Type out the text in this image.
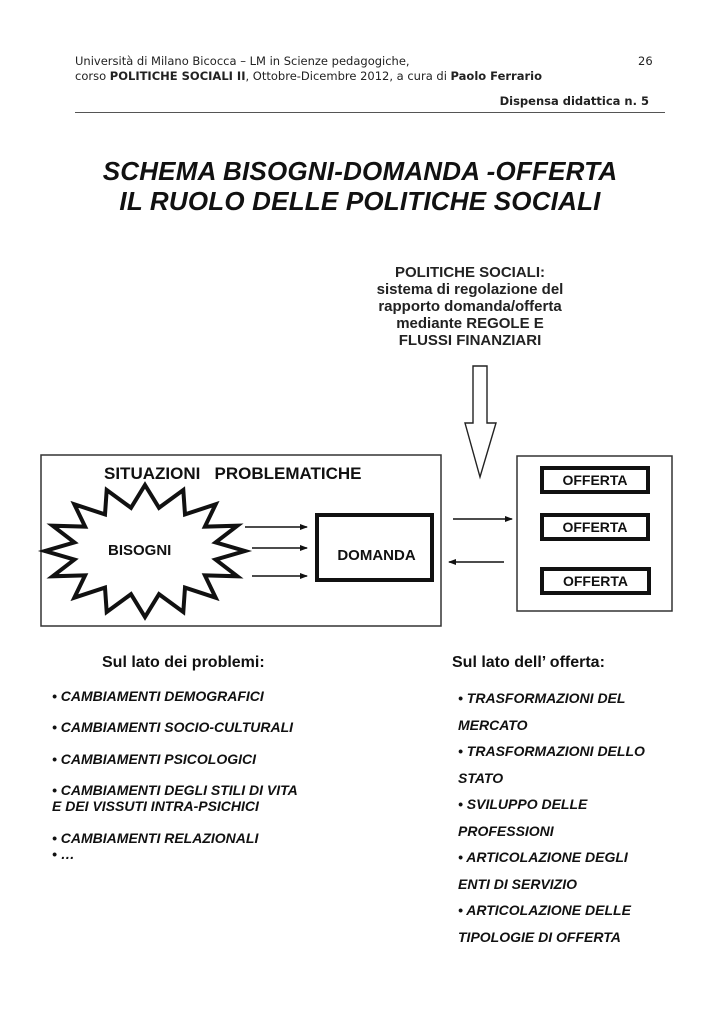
Università di Milano Bicocca – LM in Scienze pedagogiche,
corso POLITICHE SOCIALI II, Ottobre-Dicembre 2012, a cura di Paolo Ferrario
26
Dispensa didattica n. 5
SCHEMA BISOGNI-DOMANDA -OFFERTA
IL RUOLO DELLE POLITICHE SOCIALI
POLITICHE SOCIALI:
sistema di regolazione del
rapporto domanda/offerta
mediante REGOLE E
FLUSSI FINANZIARI
SITUAZIONI   PROBLEMATICHE
BISOGNI	DOMANDA
OFFERTA
OFFERTA
OFFERTA
Sul lato dei problemi:
• CAMBIAMENTI DEMOGRAFICI
• CAMBIAMENTI SOCIO-CULTURALI
• CAMBIAMENTI PSICOLOGICI
• CAMBIAMENTI DEGLI STILI DI VITA
E DEI VISSUTI INTRA-PSICHICI
• CAMBIAMENTI RELAZIONALI
• …
Sul lato dell’ offerta:
• TRASFORMAZIONI DEL
MERCATO
• TRASFORMAZIONI DELLO
STATO
• SVILUPPO DELLE
PROFESSIONI
• ARTICOLAZIONE DEGLI
ENTI DI SERVIZIO
• ARTICOLAZIONE DELLE
TIPOLOGIE DI OFFERTA
